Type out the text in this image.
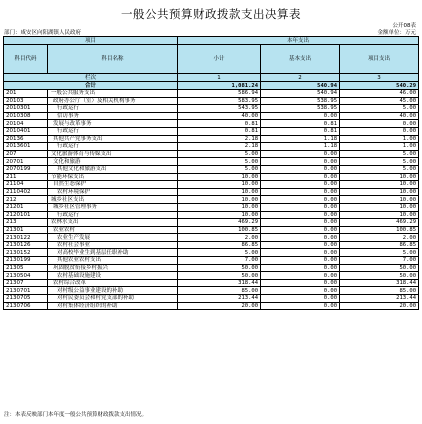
一般公共预算财政拨款支出决算表
公开08表
部门：咸安区向阳湖镇人民政府	金额单位：万元
项目		本年支出		
科目代码	科目名称	小计	基本支出	项目支出
栏次		1	2	3
合计		1,081.24	540.94	540.29
201	一般公共服务支出	586.94	540.94	46.00
20103	政府办公厅（室）及相关机构事务	583.95	538.95	45.00
2010301	行政运行	543.95	538.95	5.00
2010308	信访事务	40.00	0.00	40.00
20104	发展与改革事务	0.81	0.81	0.00
2010401	行政运行	0.81	0.81	0.00
20136	其他共产党事务支出	2.18	1.18	1.00
2013601	行政运行	2.18	1.18	1.00
207	文化旅游体育与传媒支出	5.00	0.00	5.00
20701	文化和旅游	5.00	0.00	5.00
2070199	其他文化和旅游支出	5.00	0.00	5.00
211	节能环保支出	10.00	0.00	10.00
21104	自然生态保护	10.00	0.00	10.00
2110402	农村环境保护	10.00	0.00	10.00
212	城乡社区支出	10.00	0.00	10.00
21201	城乡社区管理事务	10.00	0.00	10.00
2120101	行政运行	10.00	0.00	10.00
213	农林水支出	469.29	0.00	469.29
21301	农业农村	100.85	0.00	100.85
2130122	农业生产发展	2.00	0.00	2.00
2130126	农村社会事业	86.85	0.00	86.85
2130152	对高校毕业生到基层任职补助	5.00	0.00	5.00
2130199	其他农业农村支出	7.00	0.00	7.00
21305	巩固脱贫衔接乡村振兴	50.00	0.00	50.00
2130504	农村基础设施建设	50.00	0.00	50.00
21307	农村综合改革	318.44	0.00	318.44
2130701	对村级公益事业建设的补助	85.00	0.00	85.00
2130705	对村民委员会和村党支部的补助	213.44	0.00	213.44
2130706	对村集体经济组织的补助	20.00	0.00	20.00
注：本表反映部门本年度一般公共预算财政拨款支出情况。
